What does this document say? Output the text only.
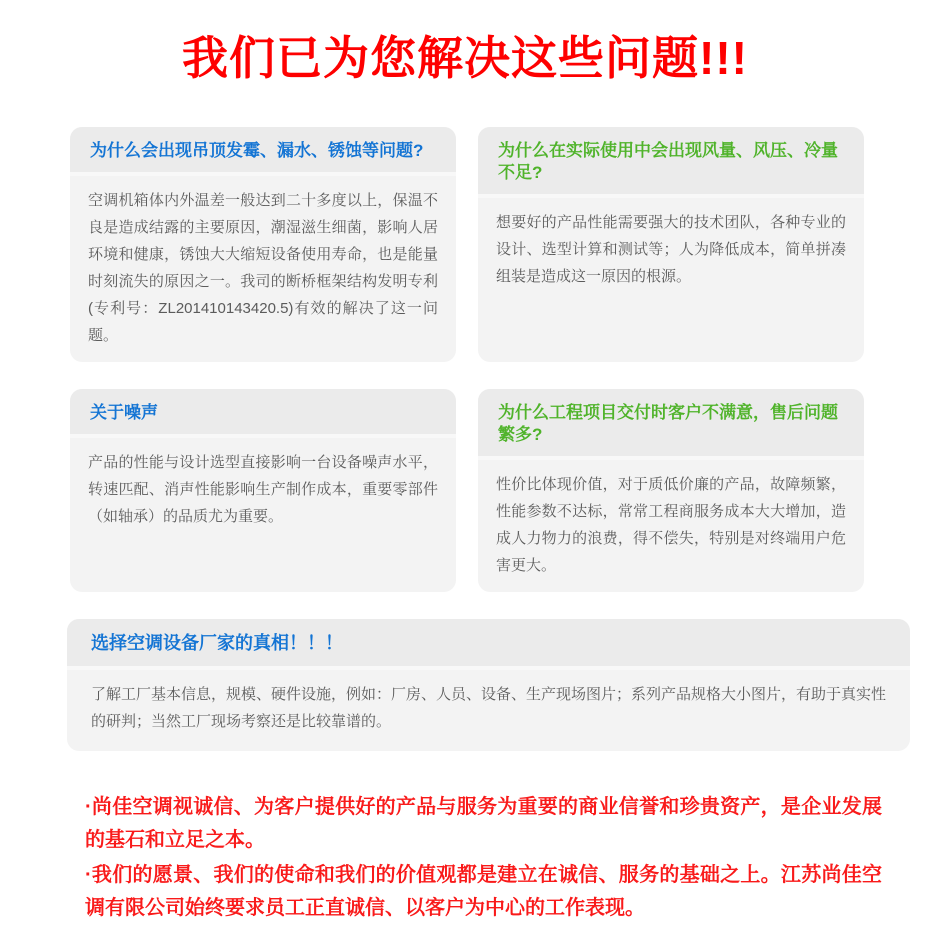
我们已为您解决这些问题!!!
为什么会出现吊顶发霉、漏水、锈蚀等问题?
空调机箱体内外温差一般达到二十多度以上，保温不良是造成结露的主要原因，潮湿滋生细菌，影响人居环境和健康，锈蚀大大缩短设备使用寿命，也是能量时刻流失的原因之一。我司的断桥框架结构发明专利(专利号：ZL201410143420.5)有效的解决了这一问题。
为什么在实际使用中会出现风量、风压、冷量不足?
想要好的产品性能需要强大的技术团队，各种专业的设计、选型计算和测试等；人为降低成本，简单拼凑组装是造成这一原因的根源。
关于噪声
产品的性能与设计选型直接影响一台设备噪声水平，转速匹配、消声性能影响生产制作成本，重要零部件（如轴承）的品质尤为重要。
为什么工程项目交付时客户不满意，售后问题繁多?
性价比体现价值，对于质低价廉的产品，故障频繁，性能参数不达标，常常工程商服务成本大大增加，造成人力物力的浪费，得不偿失，特别是对终端用户危害更大。
选择空调设备厂家的真相！！！
了解工厂基本信息，规模、硬件设施，例如：厂房、人员、设备、生产现场图片；系列产品规格大小图片，有助于真实性的研判；当然工厂现场考察还是比较靠谱的。

·尚佳空调视诚信、为客户提供好的产品与服务为重要的商业信誉和珍贵资产，是企业发展的基石和立足之本。

·我们的愿景、我们的使命和我们的价值观都是建立在诚信、服务的基础之上。江苏尚佳空调有限公司始终要求员工正直诚信、以客户为中心的工作表现。
